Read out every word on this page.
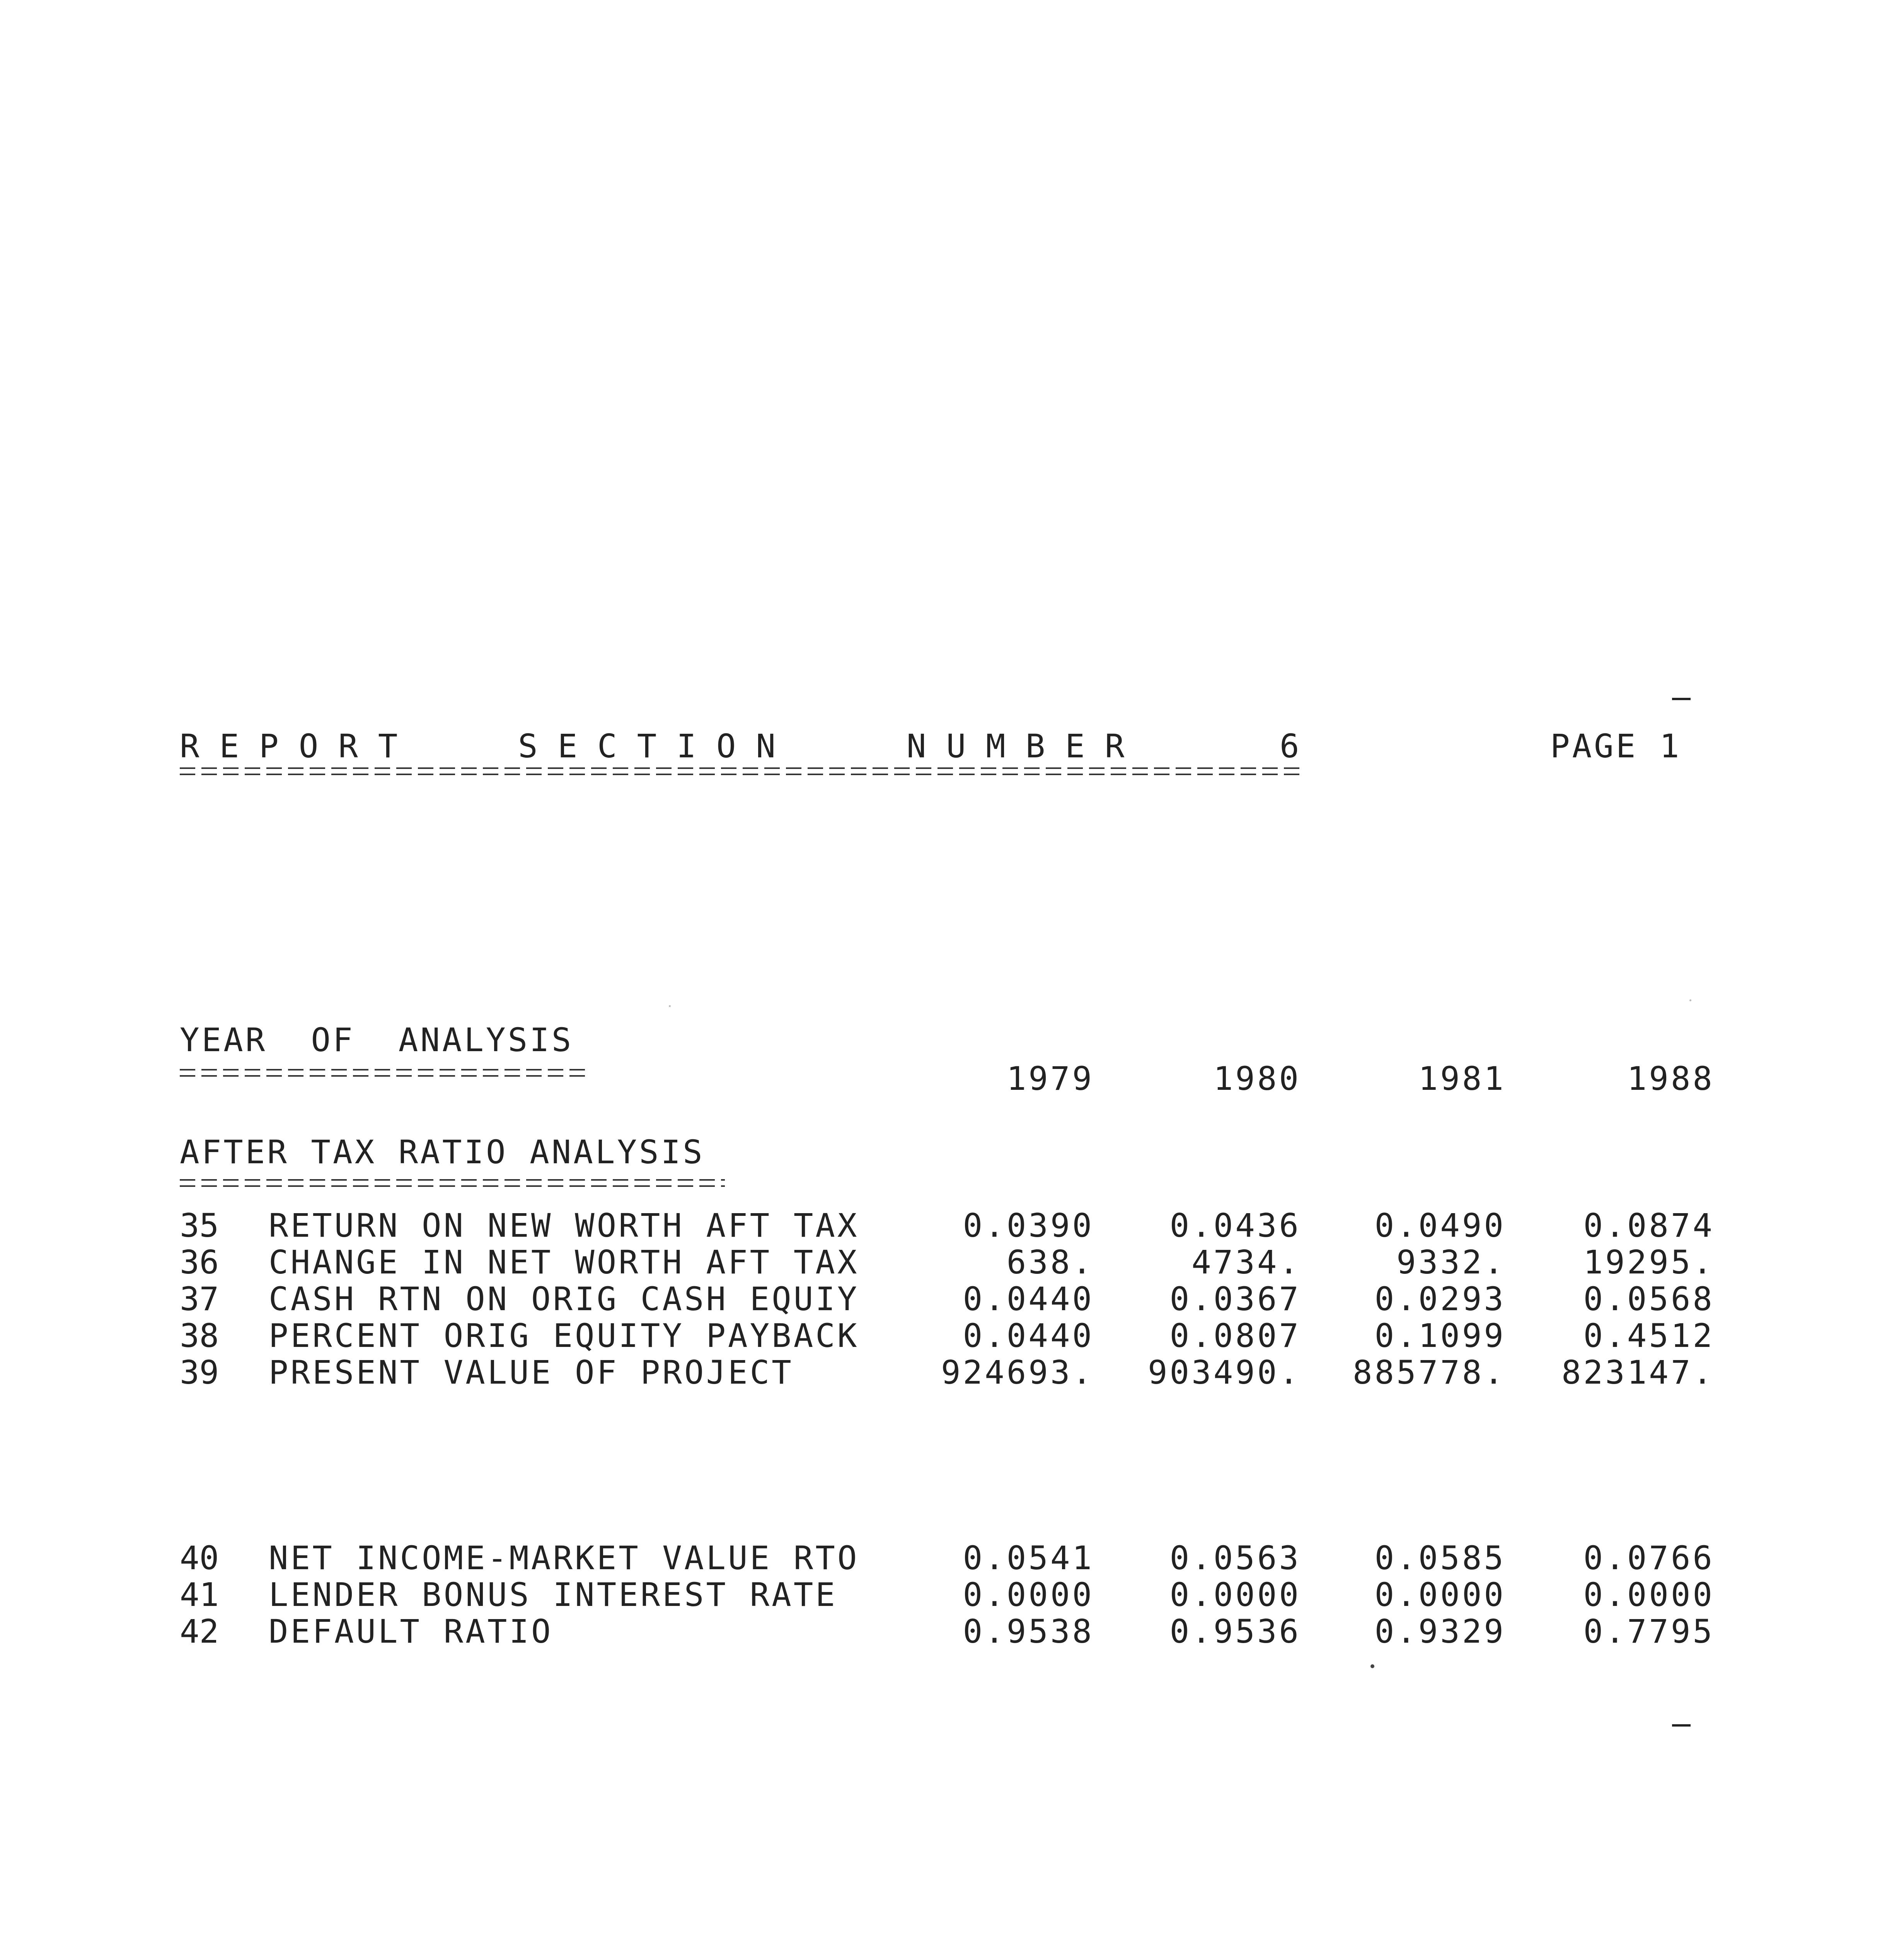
REPORT	SECTION	NUMBER	6	PAGE 1
YEAR  OF  ANALYSIS
1979	1980	1981	1988
AFTER TAX RATIO ANALYSIS
35 RETURN ON NEW WORTH AFT TAX	0.0390	0.0436	0.0490	0.0874
36 CHANGE IN NET WORTH AFT TAX	638.	4734.	9332.	19295.
37 CASH RTN ON ORIG CASH EQUIY	0.0440	0.0367	0.0293	0.0568
38 PERCENT ORIG EQUITY PAYBACK	0.0440	0.0807	0.1099	0.4512
39 PRESENT VALUE OF PROJECT	924693.	903490.	885778.	823147.
40 NET INCOME-MARKET VALUE RTO	0.0541	0.0563	0.0585	0.0766
41 LENDER BONUS INTEREST RATE	0.0000	0.0000	0.0000	0.0000
42 DEFAULT RATIO	0.9538	0.9536	0.9329	0.7795
